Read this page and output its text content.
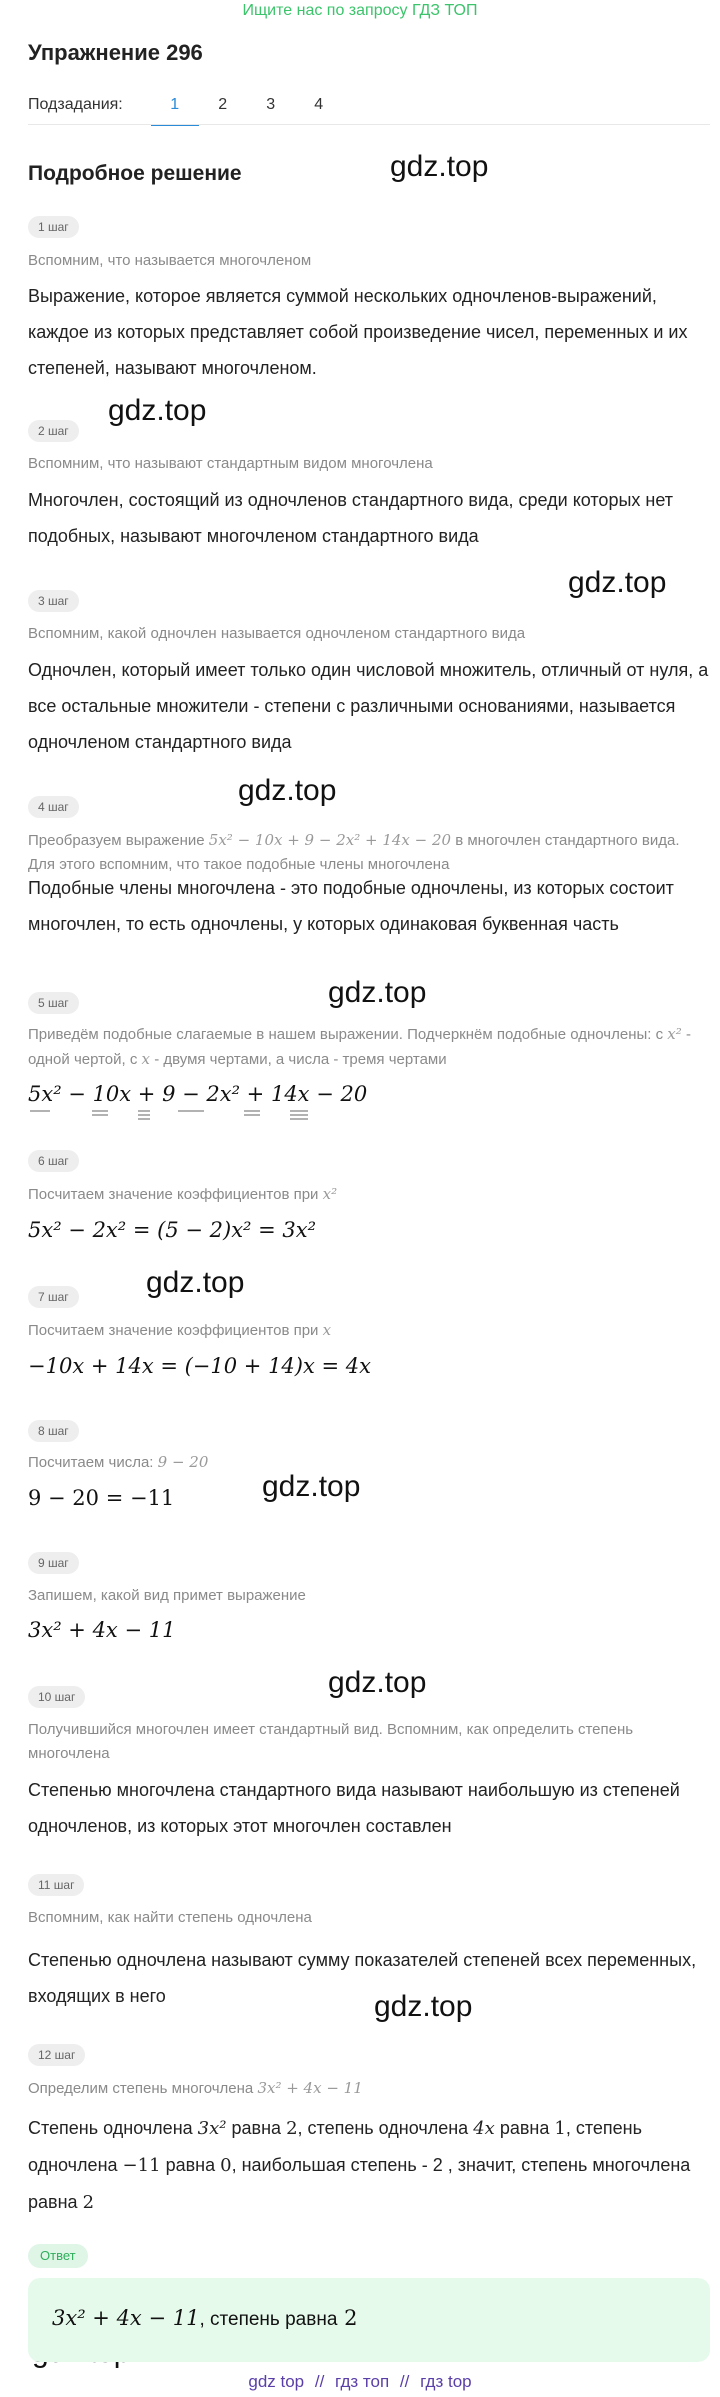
Ищите нас по запросу ГДЗ ТОП
Упражнение 296
Подзадания:	1	2	3	4
Подробное решение	gdz.top
gdz.top
gdz.top
gdz.top
gdz.top
gdz.top
gdz.top
gdz.top
gdz.top
1 шаг
Вспомним, что называется многочленом
Выражение, которое является суммой нескольких одночленов-выражений, каждое из которых представляет собой произведение чисел, переменных и их степеней, называют многочленом.
2 шаг
Вспомним, что называют стандартным видом многочлена
Многочлен, состоящий из одночленов стандартного вида, среди которых нет подобных, называют многочленом стандартного вида
3 шаг
Вспомним, какой одночлен называется одночленом стандартного вида
Одночлен, который имеет только один числовой множитель, отличный от нуля, а все остальные множители - степени с различными основаниями, называется одночленом стандартного вида
4 шаг
Преобразуем выражение 5x² − 10x + 9 − 2x² + 14x − 20 в многочлен стандартного вида. Для этого вспомним, что такое подобные члены многочлена
Подобные члены многочлена - это подобные одночлены, из которых состоит многочлен, то есть одночлены, у которых одинаковая буквенная часть
5 шаг
Приведём подобные слагаемые в нашем выражении. Подчеркнём подобные одночлены: с x² - одной чертой, с x - двумя чертами, а числа - тремя чертами
5x² − 10x + 9 − 2x² + 14x − 20
6 шаг
Посчитаем значение коэффициентов при x²
5x² − 2x² = (5 − 2)x² = 3x²
7 шаг
Посчитаем значение коэффициентов при x
−10x + 14x = (−10 + 14)x = 4x
8 шаг
Посчитаем числа: 9 − 20
9 − 20 = −11
9 шаг
Запишем, какой вид примет выражение
3x² + 4x − 11
10 шаг
Получившийся многочлен имеет стандартный вид. Вспомним, как определить степень многочлена
Степенью многочлена стандартного вида называют наибольшую из степеней одночленов, из которых этот многочлен составлен
11 шаг
Вспомним, как найти степень одночлена
Степенью одночлена называют сумму показателей степеней всех переменных, входящих в него
12 шаг
Определим степень многочлена 3x² + 4x − 11
Степень одночлена 3x² равна 2, степень одночлена 4x равна 1, степень одночлена −11 равна 0, наибольшая степень - 2 , значит, степень многочлена равна 2
Ответ
3x² + 4x − 11, степень равна 2
gdz top // гдз топ // гдз top
